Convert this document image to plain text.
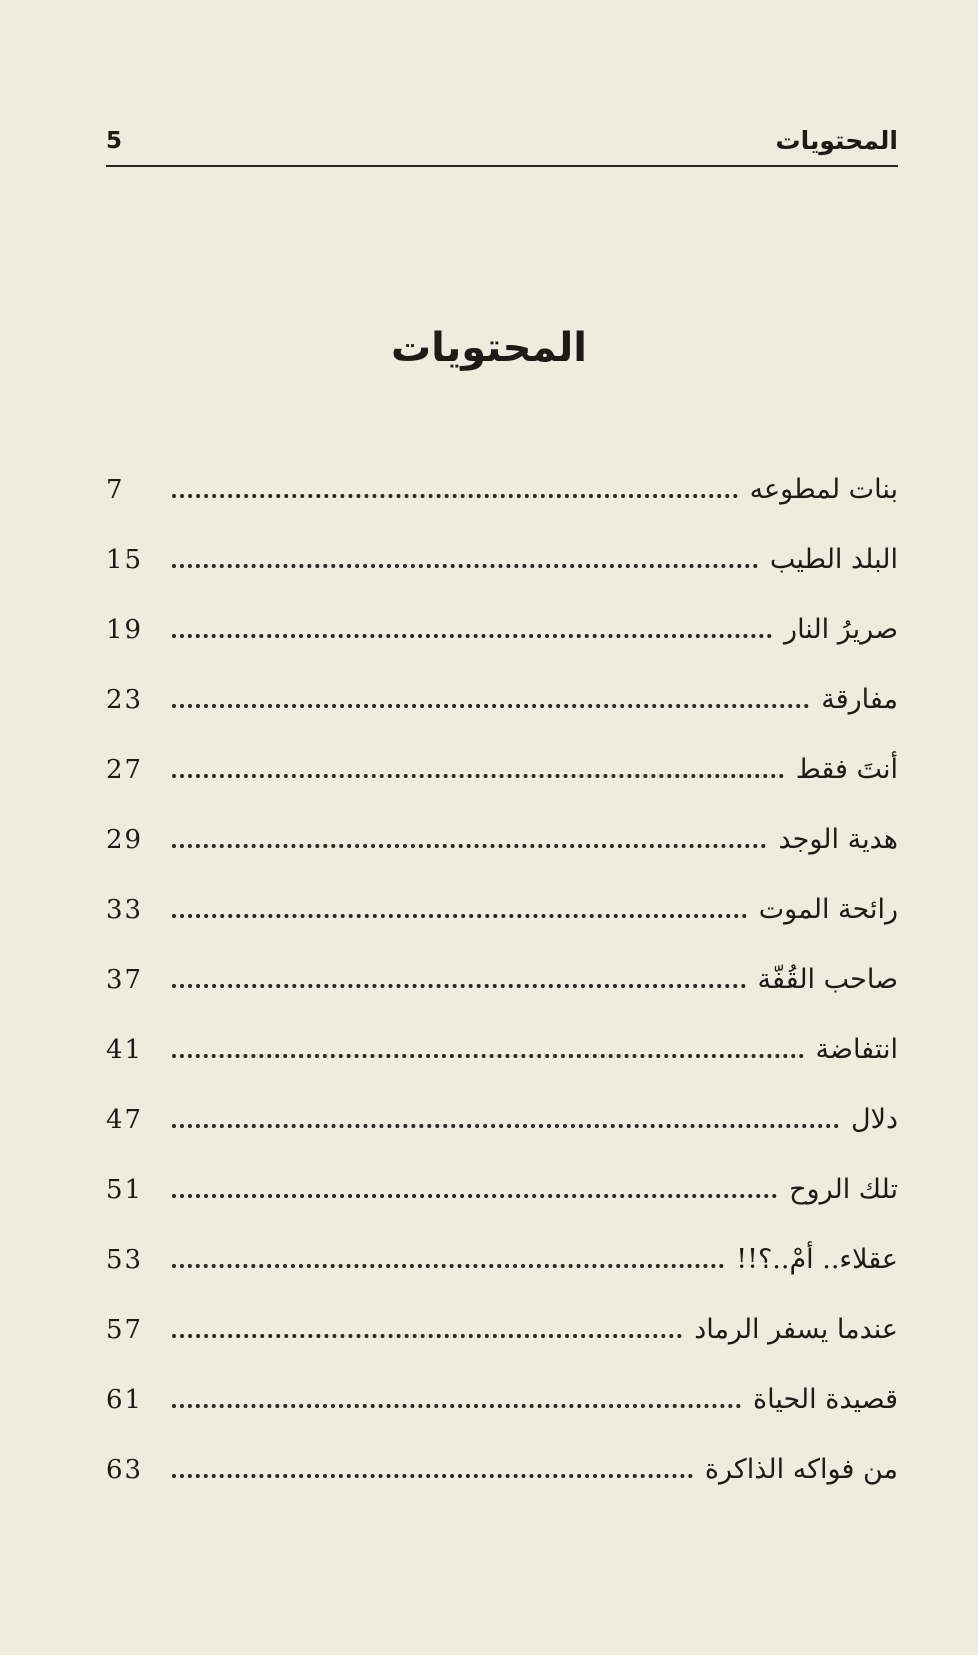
المحتويات
5
المحتويات
بنات لمطوعه
7
البلد الطيب
15
صريرُ النار
19
مفارقة
23
أنتَ فقط
27
هدية الوجد
29
رائحة الموت
33
صاحب القُفّة
37
انتفاضة
41
دلال
47
تلك الروح
51
عقلاء.. أمْ..؟!!
53
عندما يسفر الرماد
57
قصيدة الحياة
61
من فواكه الذاكرة
63
